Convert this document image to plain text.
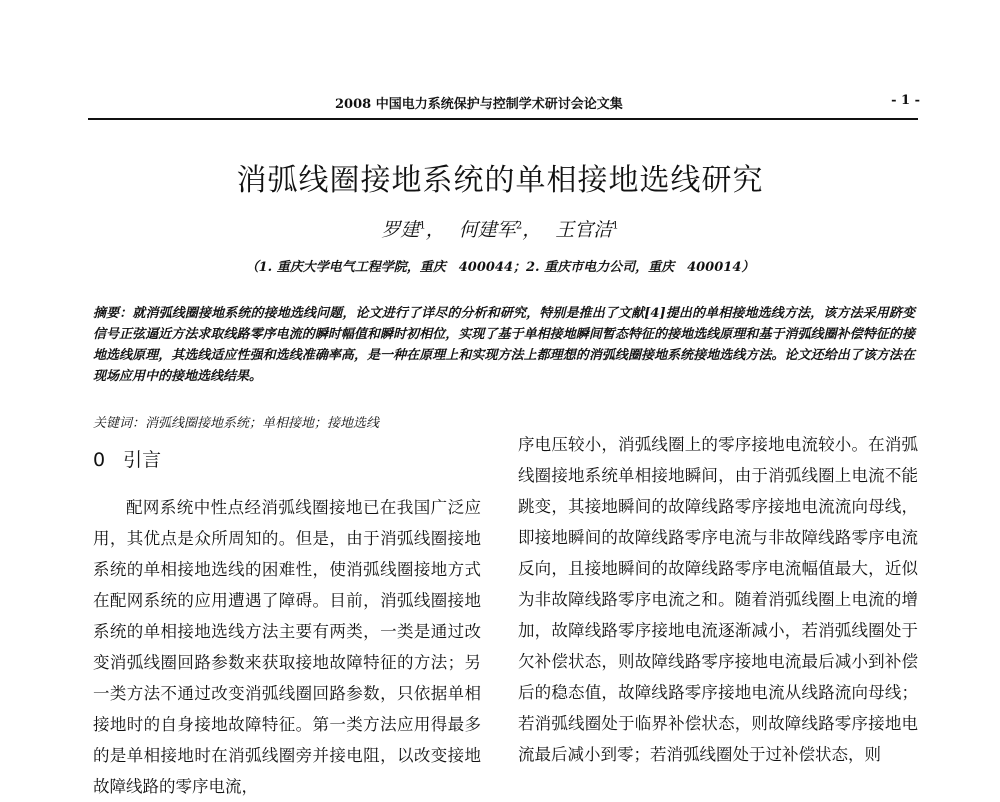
2008 中国电力系统保护与控制学术研讨会论文集	- 1 -
消弧线圈接地系统的单相接地选线研究
罗建$^1$， 何建军$^2$， 王官洁$^1$
（1. 重庆大学电气工程学院，重庆　400044；2. 重庆市电力公司，重庆　400014）
摘要：就消弧线圈接地系统的接地选线问题，论文进行了详尽的分析和研究，特别是推出了文献[4]提出的单相接地选线方法，该方法采用跻变信号正弦逼近方法求取线路零序电流的瞬时幅值和瞬时初相位，实现了基于单相接地瞬间暂态特征的接地选线原理和基于消弧线圈补偿特征的接地选线原理，其选线适应性强和选线准确率高，是一种在原理上和实现方法上都理想的消弧线圈接地系统接地选线方法。论文还给出了该方法在现场应用中的接地选线结果。
关键词：消弧线圈接地系统；单相接地；接地选线
0 引言

配网系统中性点经消弧线圈接地已在我国广泛应用，其优点是众所周知的。但是，由于消弧线圈接地系统的单相接地选线的困难性，使消弧线圈接地方式在配网系统的应用遭遇了障碍。目前，消弧线圈接地系统的单相接地选线方法主要有两类，一类是通过改变消弧线圈回路参数来获取接地故障特征的方法；另一类方法不通过改变消弧线圈回路参数，只依据单相接地时的自身接地故障特征。第一类方法应用得最多的是单相接地时在消弧线圈旁并接电阻，以改变接地故障线路的零序电流，

序电压较小，消弧线圈上的零序接地电流较小。在消弧线圈接地系统单相接地瞬间，由于消弧线圈上电流不能跳变，其接地瞬间的故障线路零序接地电流流向母线，即接地瞬间的故障线路零序电流与非故障线路零序电流反向，且接地瞬间的故障线路零序电流幅值最大，近似为非故障线路零序电流之和。随着消弧线圈上电流的增加，故障线路零序接地电流逐渐减小，若消弧线圈处于欠补偿状态，则故障线路零序接地电流最后减小到补偿后的稳态值，故障线路零序接地电流从线路流向母线；若消弧线圈处于临界补偿状态，则故障线路零序接地电流最后减小到零；若消弧线圈处于过补偿状态，则
